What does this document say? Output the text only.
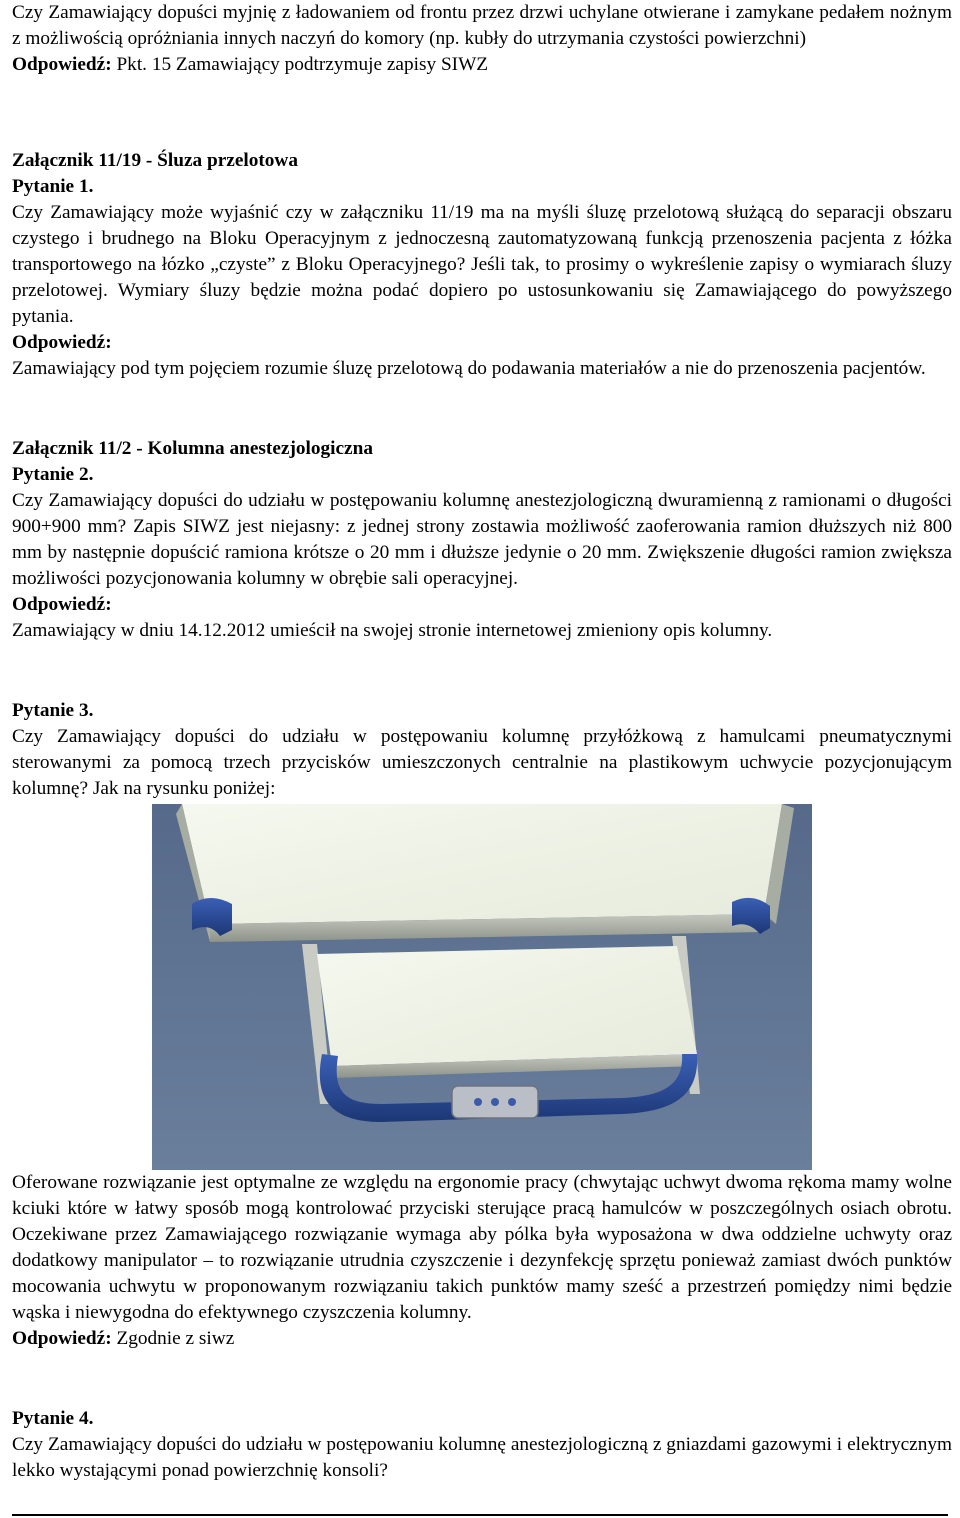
Czy Zamawiający dopuści myjnię z ładowaniem od frontu przez drzwi uchylane otwierane i zamykane pedałem nożnym z możliwością opróżniania innych naczyń do komory (np. kubły do utrzymania czystości powierzchni)

Odpowiedź: Pkt. 15 Zamawiający podtrzymuje zapisy SIWZ

Załącznik 11/19 - Śluza przelotowa

Pytanie 1.

Czy Zamawiający może wyjaśnić czy w załączniku 11/19 ma na myśli śluzę przelotową służącą do separacji obszaru czystego i brudnego na Bloku Operacyjnym z jednoczesną zautomatyzowaną funkcją przenoszenia pacjenta z łóżka transportowego na łózko „czyste” z Bloku Operacyjnego? Jeśli tak, to prosimy o wykreślenie zapisy o wymiarach śluzy przelotowej. Wymiary śluzy będzie można podać dopiero po ustosunkowaniu się Zamawiającego do powyższego pytania.

Odpowiedź:

Zamawiający pod tym pojęciem rozumie śluzę przelotową do podawania materiałów a nie do przenoszenia pacjentów.

Załącznik 11/2 - Kolumna anestezjologiczna

Pytanie 2.

Czy Zamawiający dopuści do udziału w postępowaniu kolumnę anestezjologiczną dwuramienną z ramionami o długości 900+900 mm? Zapis SIWZ jest niejasny: z jednej strony zostawia możliwość zaoferowania ramion dłuższych niż 800 mm by następnie dopuścić ramiona krótsze o 20 mm i dłuższe jedynie o 20 mm. Zwiększenie długości ramion zwiększa możliwości pozycjonowania kolumny w obrębie sali operacyjnej.

Odpowiedź:

Zamawiający w dniu 14.12.2012 umieścił na swojej stronie internetowej zmieniony opis kolumny.

Pytanie 3.

Czy Zamawiający dopuści do udziału w postępowaniu kolumnę przyłóżkową z hamulcami pneumatycznymi sterowanymi za pomocą trzech przycisków umieszczonych centralnie na plastikowym uchwycie pozycjonującym kolumnę? Jak na rysunku poniżej:

Oferowane rozwiązanie jest optymalne ze względu na ergonomie pracy (chwytając uchwyt dwoma rękoma mamy wolne kciuki które w łatwy sposób mogą kontrolować przyciski sterujące pracą hamulców w poszczególnych osiach obrotu. Oczekiwane przez Zamawiającego rozwiązanie wymaga aby pólka była wyposażona w dwa oddzielne uchwyty oraz dodatkowy manipulator – to rozwiązanie utrudnia czyszczenie i dezynfekcję sprzętu ponieważ zamiast dwóch punktów mocowania uchwytu w proponowanym rozwiązaniu takich punktów mamy sześć a przestrzeń pomiędzy nimi będzie wąska i niewygodna do efektywnego czyszczenia kolumny.

Odpowiedź: Zgodnie z siwz

Pytanie 4.

Czy Zamawiający dopuści do udziału w postępowaniu kolumnę anestezjologiczną z gniazdami gazowymi i elektrycznym lekko wystającymi ponad powierzchnię konsoli?
